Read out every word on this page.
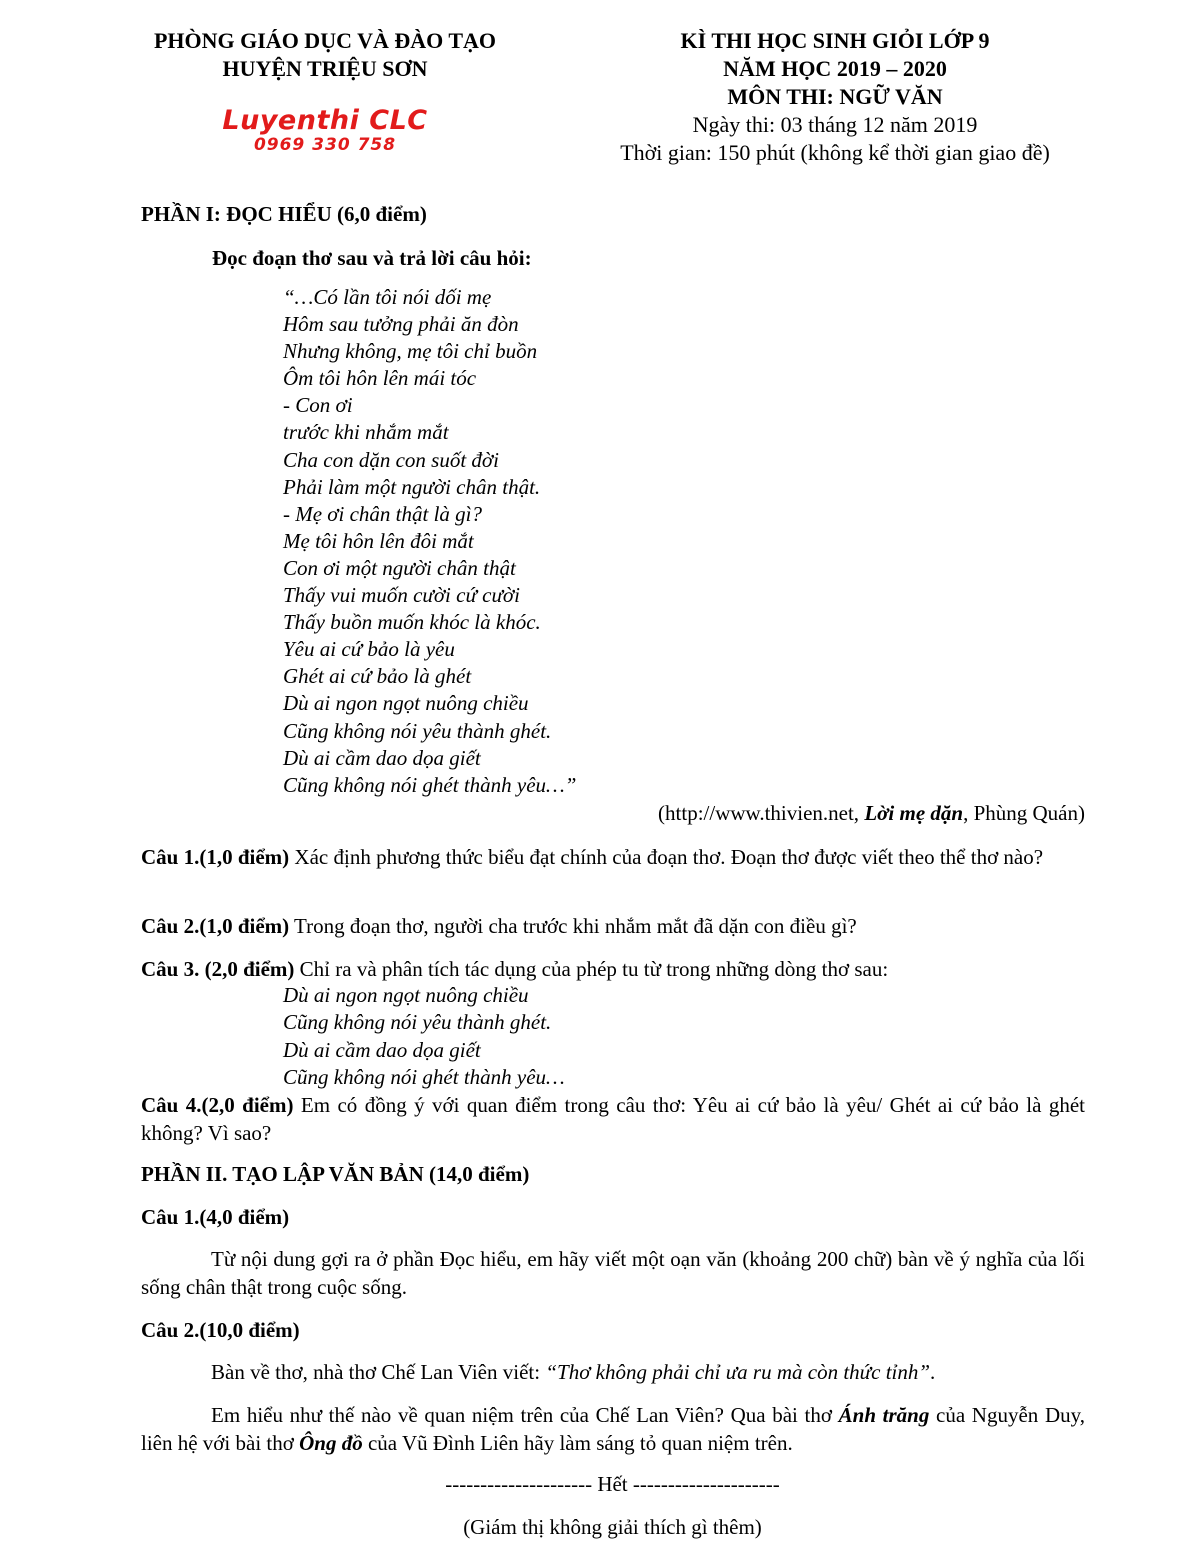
PHÒNG GIÁO DỤC VÀ ĐÀO TẠO
HUYỆN TRIỆU SƠN
Luyenthi CLC
0969 330 758
KÌ THI HỌC SINH GIỎI LỚP 9
NĂM HỌC 2019 – 2020
MÔN THI: NGỮ VĂN
Ngày thi: 03 tháng 12 năm 2019
Thời gian: 150 phút (không kể thời gian giao đề)
PHẦN I: ĐỌC HIỂU (6,0 điểm)
Đọc đoạn thơ sau và trả lời câu hỏi:
“…Có lần tôi nói dối mẹ
Hôm sau tưởng phải ăn đòn
Nhưng không, mẹ tôi chỉ buồn
Ôm tôi hôn lên mái tóc
- Con ơi
trước khi nhắm mắt
Cha con dặn con suốt đời
Phải làm một người chân thật.
- Mẹ ơi chân thật là gì?
Mẹ tôi hôn lên đôi mắt
Con ơi một người chân thật
Thấy vui muốn cười cứ cười
Thấy buồn muốn khóc là khóc.
Yêu ai cứ bảo là yêu
Ghét ai cứ bảo là ghét
Dù ai ngon ngọt nuông chiều
Cũng không nói yêu thành ghét.
Dù ai cầm dao dọa giết
Cũng không nói ghét thành yêu…”
(http://www.thivien.net, Lời mẹ dặn, Phùng Quán)
Câu 1.(1,0 điểm) Xác định phương thức biểu đạt chính của đoạn thơ. Đoạn thơ được viết theo thể thơ nào?
Câu 2.(1,0 điểm) Trong đoạn thơ, người cha trước khi nhắm mắt đã dặn con điều gì?
Câu 3. (2,0 điểm) Chỉ ra và phân tích tác dụng của phép tu từ trong những dòng thơ sau:
Dù ai ngon ngọt nuông chiều
Cũng không nói yêu thành ghét.
Dù ai cầm dao dọa giết
Cũng không nói ghét thành yêu…
Câu 4.(2,0 điểm) Em có đồng ý với quan điểm trong câu thơ: Yêu ai cứ bảo là yêu/ Ghét ai cứ bảo là ghét không? Vì sao?
PHẦN II. TẠO LẬP VĂN BẢN (14,0 điểm)
Câu 1.(4,0 điểm)
Từ nội dung gợi ra ở phần Đọc hiểu, em hãy viết một oạn văn (khoảng 200 chữ) bàn về ý nghĩa của lối sống chân thật trong cuộc sống.
Câu 2.(10,0 điểm)
Bàn về thơ, nhà thơ Chế Lan Viên viết: “Thơ không phải chỉ ưa ru mà còn thức tỉnh”.
Em hiểu như thế nào về quan niệm trên của Chế Lan Viên? Qua bài thơ Ánh trăng của Nguyễn Duy, liên hệ với bài thơ Ông đồ của Vũ Đình Liên hãy làm sáng tỏ quan niệm trên.
--------------------- Hết ---------------------
(Giám thị không giải thích gì thêm)
